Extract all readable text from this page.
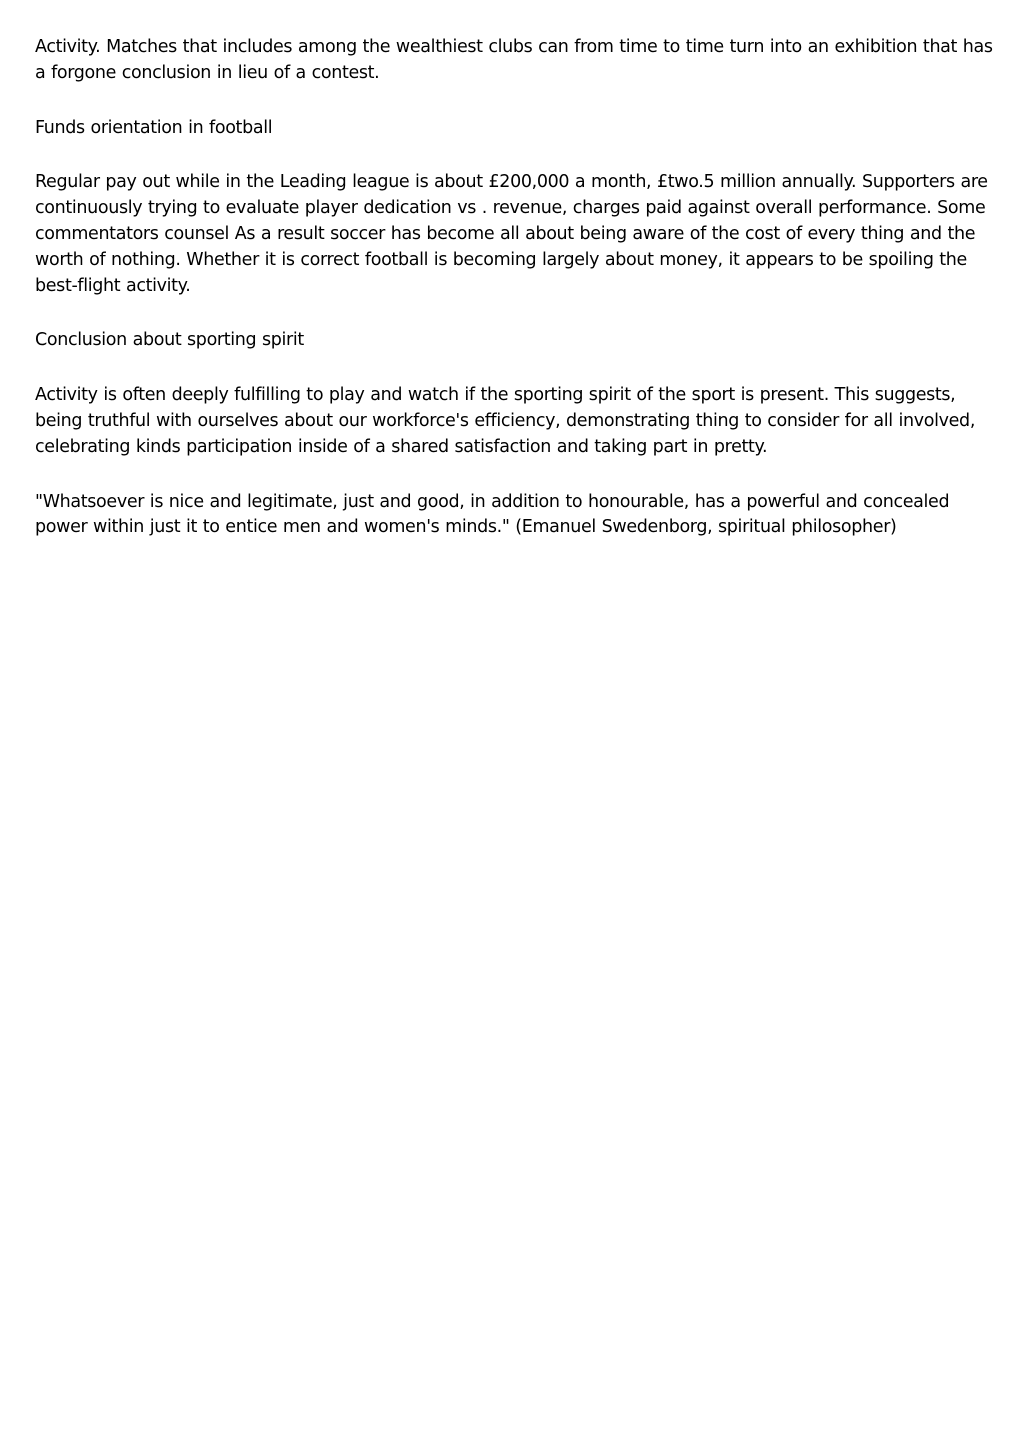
Activity. Matches that includes among the wealthiest clubs can from time to time turn into an exhibition that has a forgone conclusion in lieu of a contest.

Funds orientation in football

Regular pay out while in the Leading league is about £200,000 a month, £two.5 million annually. Supporters are continuously trying to evaluate player dedication vs . revenue, charges paid against overall performance. Some commentators counsel As a result soccer has become all about being aware of the cost of every thing and the worth of nothing. Whether it is correct football is becoming largely about money, it appears to be spoiling the best-flight activity.

Conclusion about sporting spirit

Activity is often deeply fulfilling to play and watch if the sporting spirit of the sport is present. This suggests, being truthful with ourselves about our workforce's efficiency, demonstrating thing to consider for all involved, celebrating kinds participation inside of a shared satisfaction and taking part in pretty.

"Whatsoever is nice and legitimate, just and good, in addition to honourable, has a powerful and concealed power within just it to entice men and women's minds." (Emanuel Swedenborg, spiritual philosopher)
